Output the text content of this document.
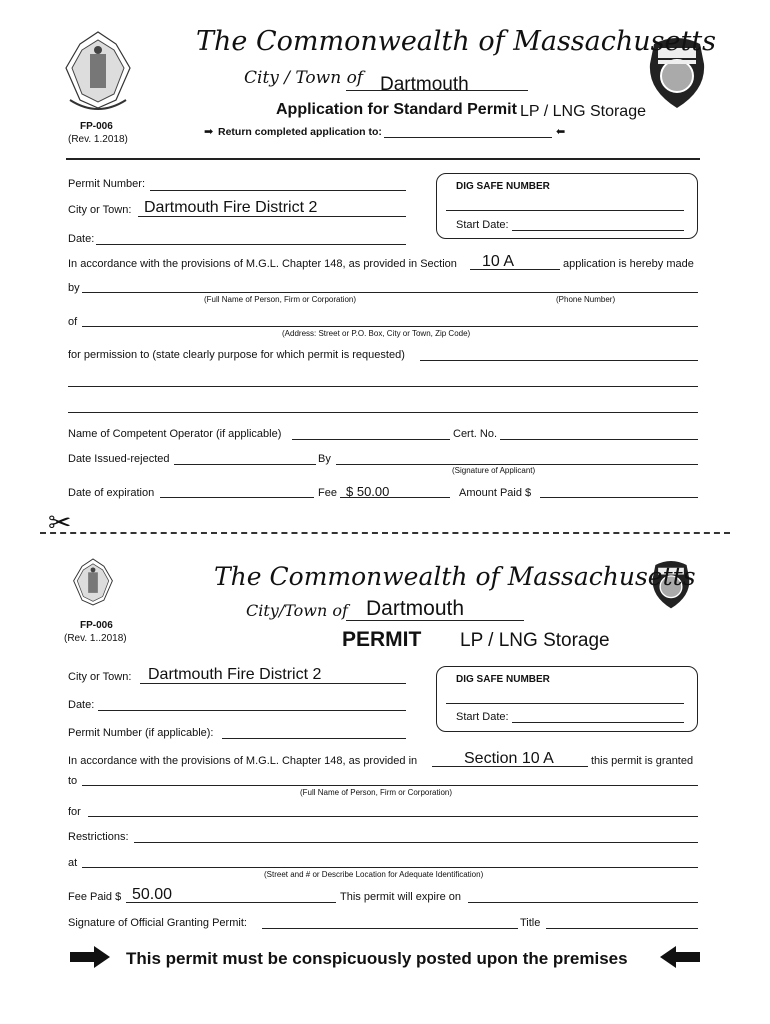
The Commonwealth of Massachusetts
City / Town of Dartmouth
Application for Standard Permit LP / LNG Storage
FP-006
(Rev. 1.2018)
➡ Return completed application to:	⬅
Permit Number:
City or Town: Dartmouth Fire District 2
Date:
DIG SAFE NUMBER
Start Date:
In accordance with the provisions of M.G.L. Chapter 148, as provided in Section 10 A	application is hereby made
by
(Full Name of Person, Firm or Corporation)	(Phone Number)
of
(Address: Street or P.O. Box, City or Town, Zip Code)
for permission to (state clearly purpose for which permit is requested)
Name of Competent Operator (if applicable)	Cert. No.
Date Issued-rejected	By
(Signature of Applicant)
Date of expiration	Fee $ 50.00	Amount Paid $
✂
The Commonwealth of Massachusetts
City/Town of Dartmouth
FP-006
(Rev. 1..2018)	PERMIT LP / LNG Storage
City or Town: Dartmouth Fire District 2	DIG SAFE NUMBER
Start Date:
Date:
Permit Number (if applicable):
In accordance with the provisions of M.G.L. Chapter 148, as provided in	Section 10 A	this permit is granted
to
(Full Name of Person, Firm or Corporation)
for
Restrictions:
at
(Street and # or Describe Location for Adequate Identification)
Fee Paid $ 50.00	This permit will expire on
Signature of Official Granting Permit:	Title
This permit must be conspicuously posted upon the premises
